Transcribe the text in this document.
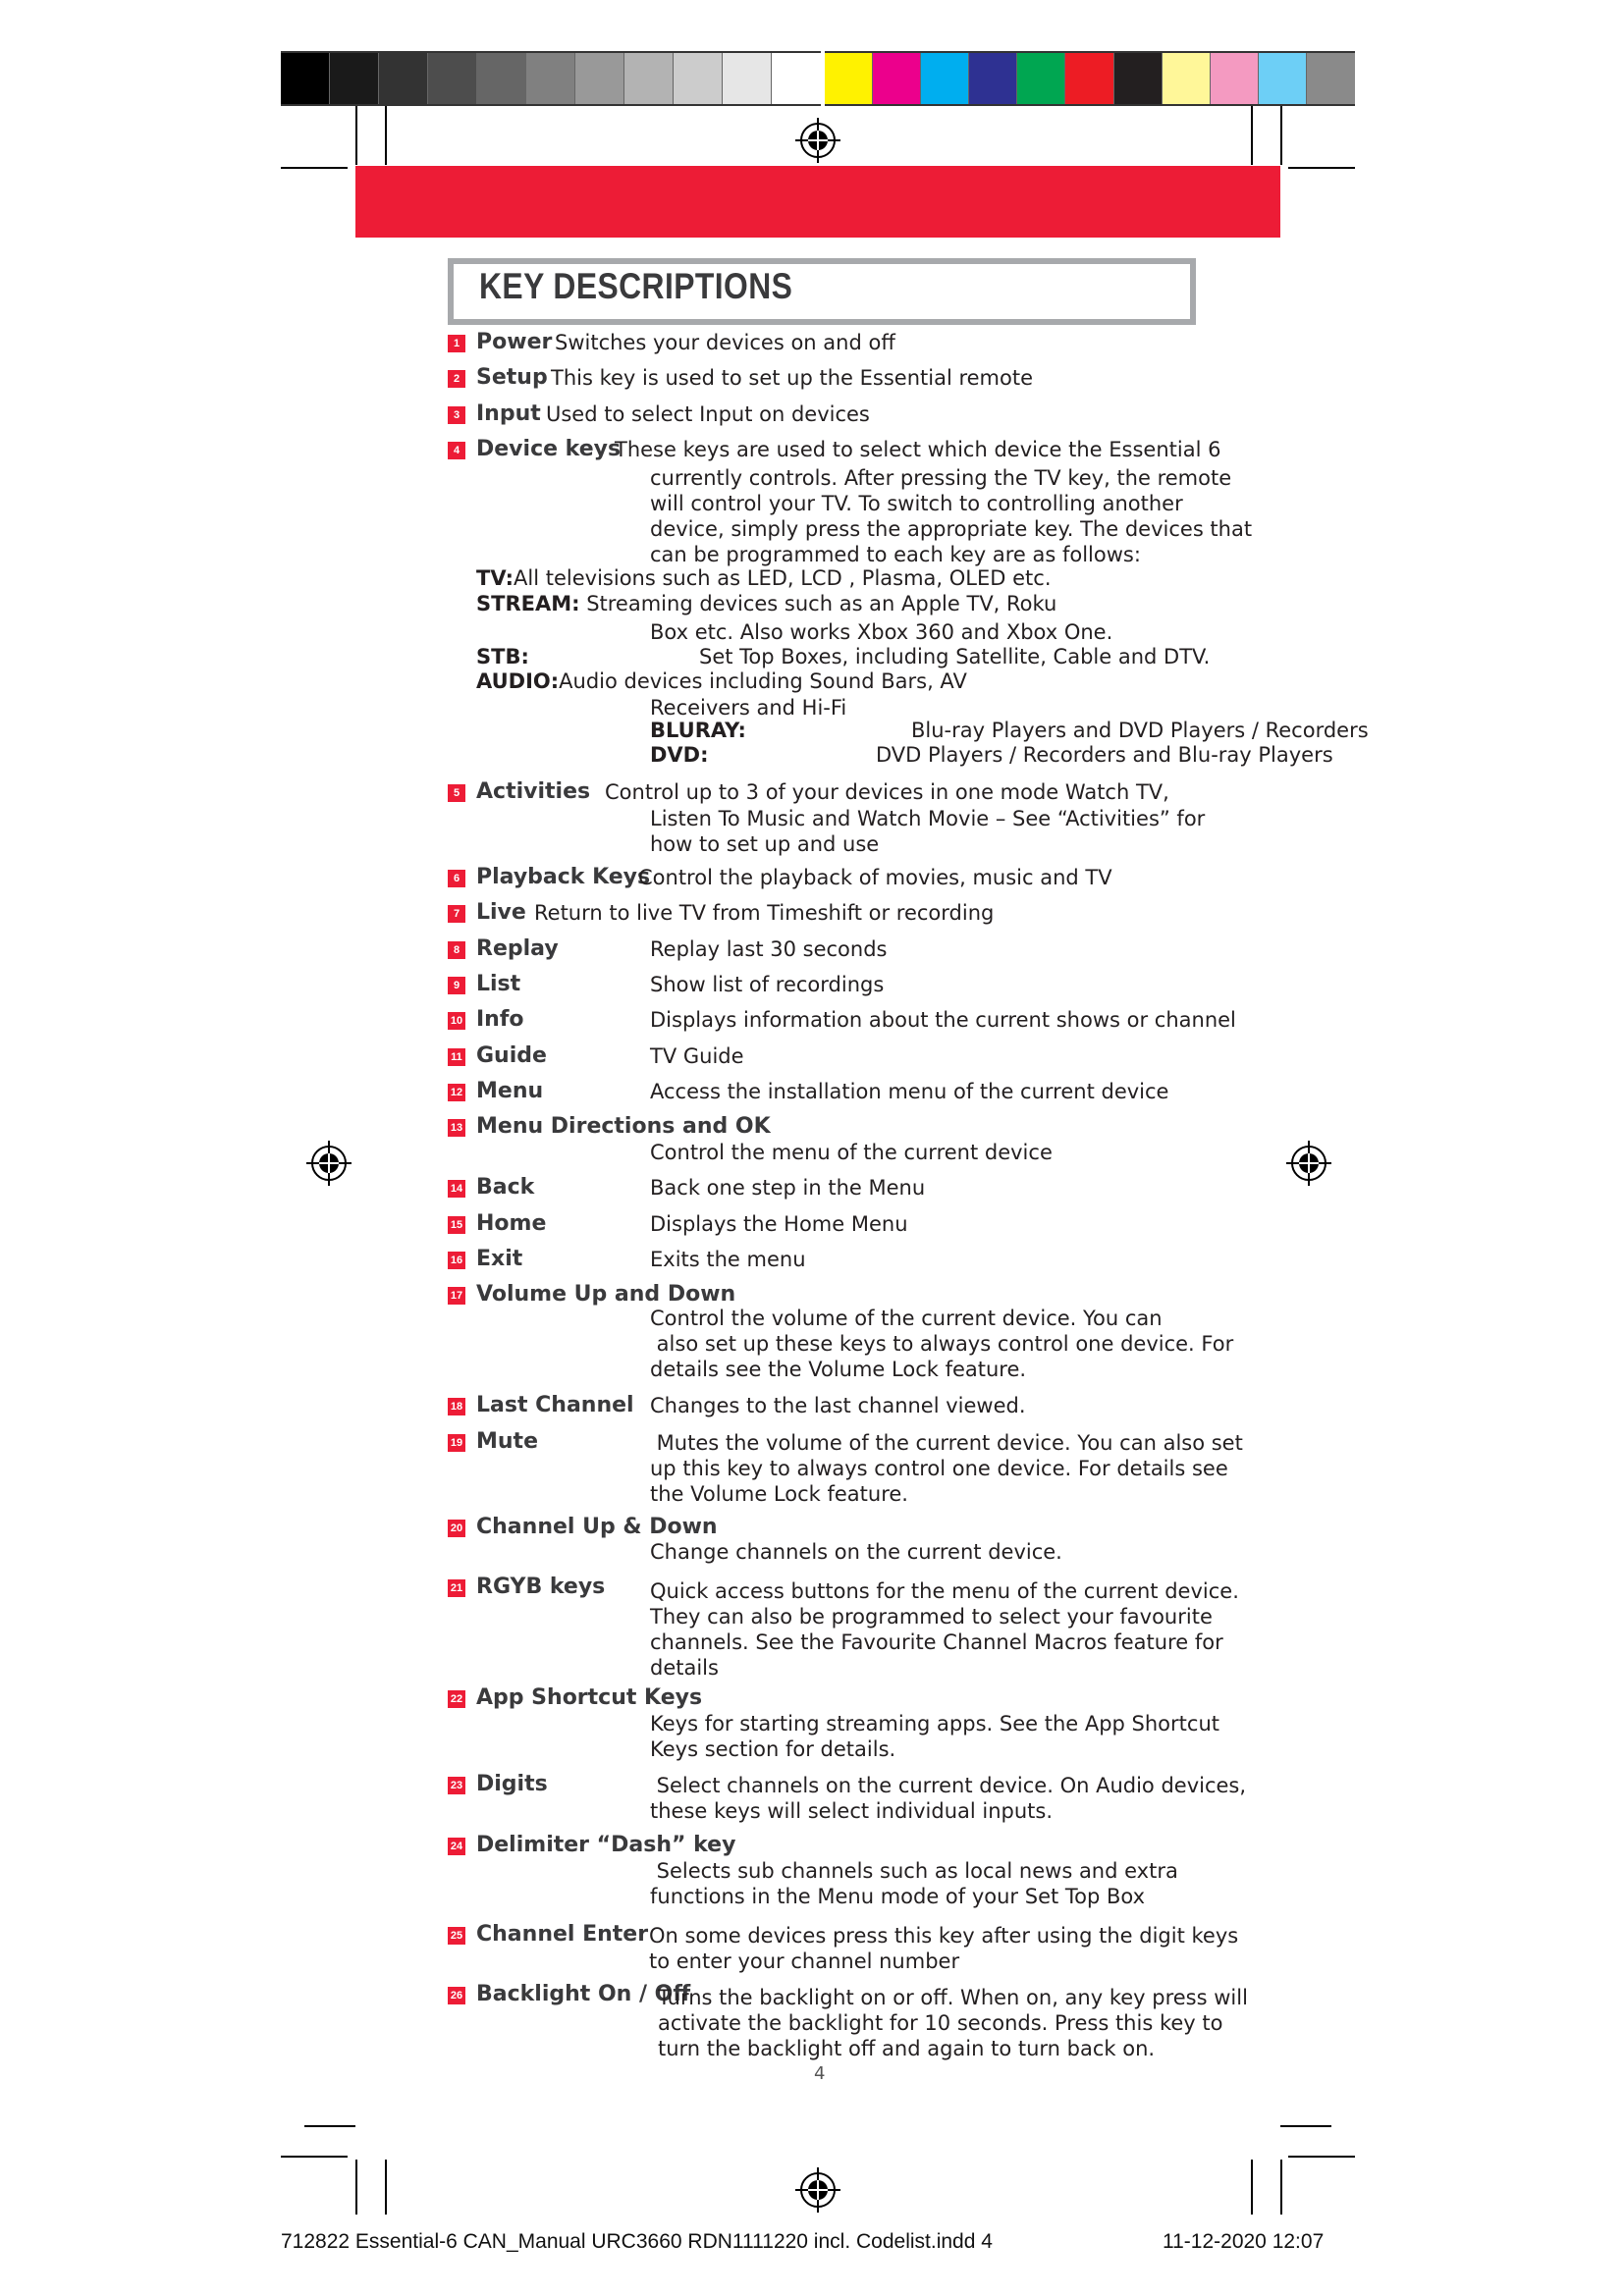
KEY DESCRIPTIONS
1 Power Switches your devices on and off
2 Setup This key is used to set up the Essential remote
3 Input Used to select Input on devices
4 Device keys
These keys are used to select which device the Essential 6
currently controls. After pressing the TV key, the remote
will control your TV. To switch to controlling another
device, simply press the appropriate key. The devices that
can be programmed to each key are as follows:
5 Activities Control up to 3 of your devices in one mode Watch TV,
Listen To Music and Watch Movie – See “Activities” for
how to set up and use
6 Playback Keys
Control the playback of movies, music and TV
7 Live Return to live TV from Timeshift or recording
8 Replay	Replay last 30 seconds
9 List	Show list of recordings
10 Info	Displays information about the current shows or channel
11 Guide	TV Guide
12 Menu	Access the installation menu of the current device
13 Menu Directions and OK
Control the menu of the current device
14 Back	Back one step in the Menu
15 Home	Displays the Home Menu
16 Exit	Exits the menu
17 Volume Up and Down
Control the volume of the current device. You can
also set up these keys to always control one device. For
details see the Volume Lock feature.
18 Last Channel Changes to the last channel viewed.
19 Mute	Mutes the volume of the current device. You can also set
up this key to always control one device. For details see
the Volume Lock feature.
20 Channel Up & Down
Change channels on the current device.
21 RGYB keys Quick access buttons for the menu of the current device.
They can also be programmed to select your favourite
channels. See the Favourite Channel Macros feature for
details
22 App Shortcut Keys
Keys for starting streaming apps. See the App Shortcut
Keys section for details.
23 Digits	Select channels on the current device. On Audio devices,
these keys will select individual inputs.
24 Delimiter “Dash” key
Selects sub channels such as local news and extra
functions in the Menu mode of your Set Top Box
25 Channel Enter On some devices press this key after using the digit keys
to enter your channel number
26 Backlight On / Off
Turns the backlight on or off. When on, any key press will
activate the backlight for 10 seconds. Press this key to
turn the backlight off and again to turn back on.
TV:All televisions such as LED, LCD , Plasma, OLED etc.
STREAM: Streaming devices such as an Apple TV, Roku
Box etc. Also works Xbox 360 and Xbox One.
STB:	Set Top Boxes, including Satellite, Cable and DTV.
AUDIO:Audio devices including Sound Bars, AV
Receivers and Hi-Fi
BLURAY:	Blu-ray Players and DVD Players / Recorders
DVD:	DVD Players / Recorders and Blu-ray Players
4
712822 Essential-6 CAN_Manual URC3660 RDN1111220 incl. Codelist.indd 4	11-12-2020 12:07
